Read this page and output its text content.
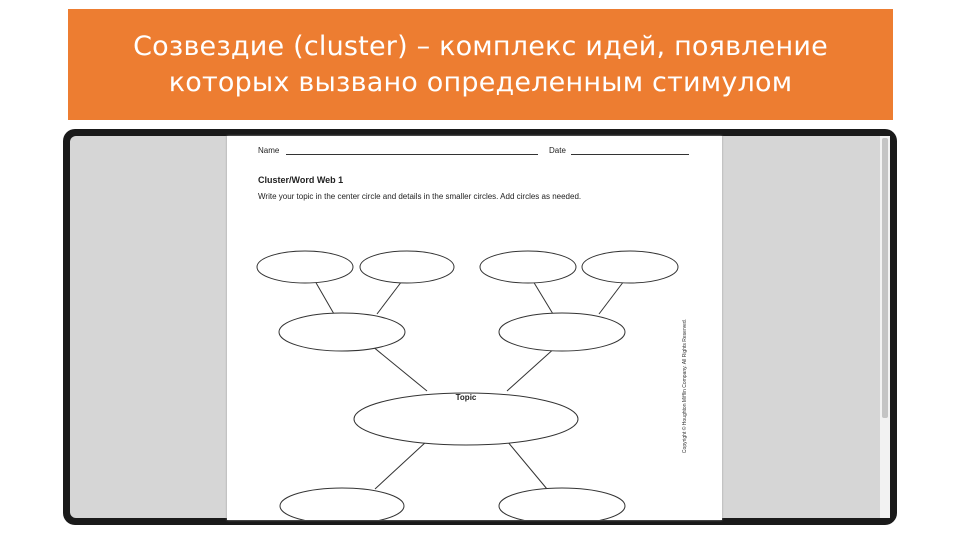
Созвездие (cluster) – комплекс идей, появление которых вызвано определенным стимулом
Name	Date
Cluster/Word Web 1
Write your topic in the center circle and details in the smaller circles. Add circles as needed.
Topic	Copyright © Houghton Mifflin Company. All Rights Reserved.
